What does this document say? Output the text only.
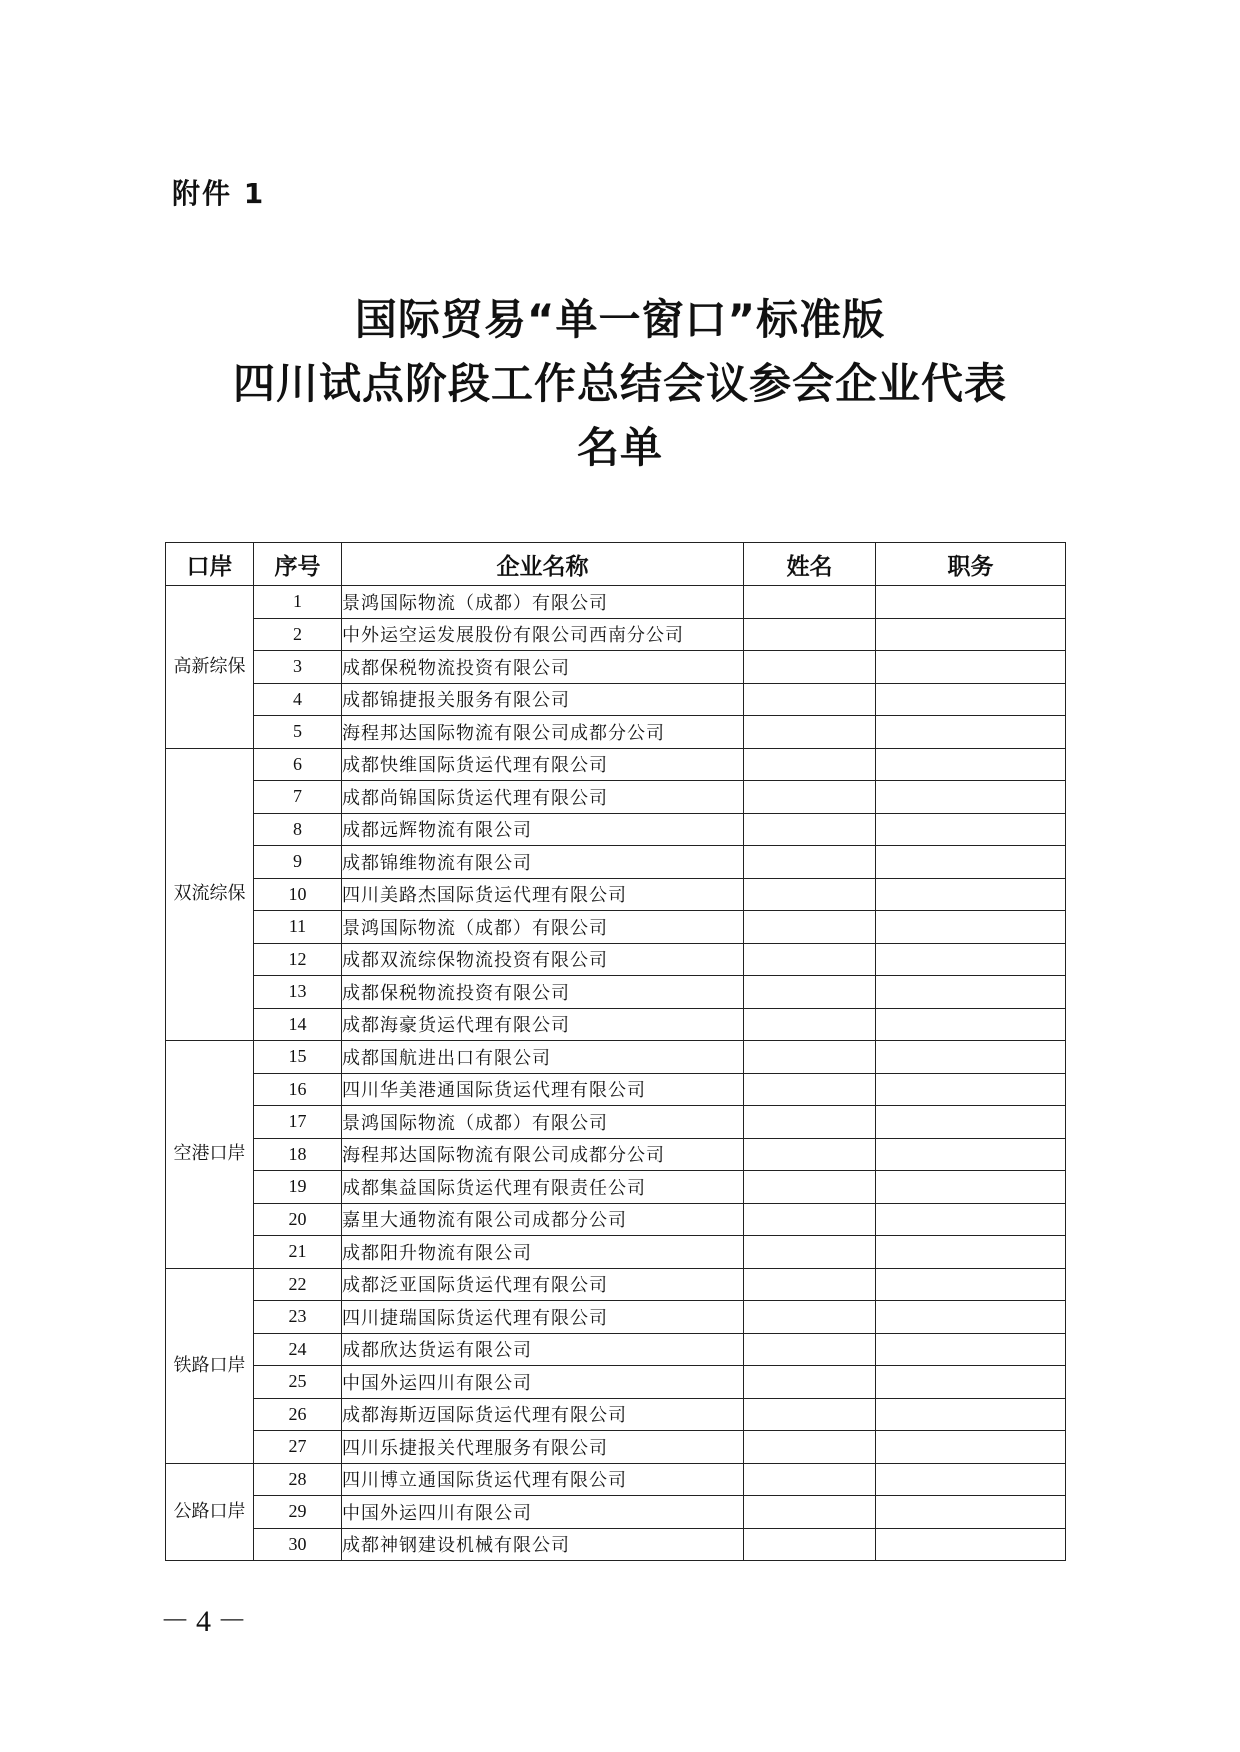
附件 1
国际贸易“单一窗口”标准版
四川试点阶段工作总结会议参会企业代表
名单
口岸	序号	企业名称	姓名	职务
高新综保	1	景鸿国际物流（成都）有限公司		
	2	中外运空运发展股份有限公司西南分公司		
	3	成都保税物流投资有限公司		
	4	成都锦捷报关服务有限公司		
	5	海程邦达国际物流有限公司成都分公司		
双流综保	6	成都快维国际货运代理有限公司		
	7	成都尚锦国际货运代理有限公司		
	8	成都远辉物流有限公司		
	9	成都锦维物流有限公司		
	10	四川美路杰国际货运代理有限公司		
	11	景鸿国际物流（成都）有限公司		
	12	成都双流综保物流投资有限公司		
	13	成都保税物流投资有限公司		
	14	成都海豪货运代理有限公司		
空港口岸	15	成都国航进出口有限公司		
	16	四川华美港通国际货运代理有限公司		
	17	景鸿国际物流（成都）有限公司		
	18	海程邦达国际物流有限公司成都分公司		
	19	成都集益国际货运代理有限责任公司		
	20	嘉里大通物流有限公司成都分公司		
	21	成都阳升物流有限公司		
铁路口岸	22	成都泛亚国际货运代理有限公司		
	23	四川捷瑞国际货运代理有限公司		
	24	成都欣达货运有限公司		
	25	中国外运四川有限公司		
	26	成都海斯迈国际货运代理有限公司		
	27	四川乐捷报关代理服务有限公司		
公路口岸	28	四川博立通国际货运代理有限公司		
	29	中国外运四川有限公司		
	30	成都神钢建设机械有限公司		
－4－
